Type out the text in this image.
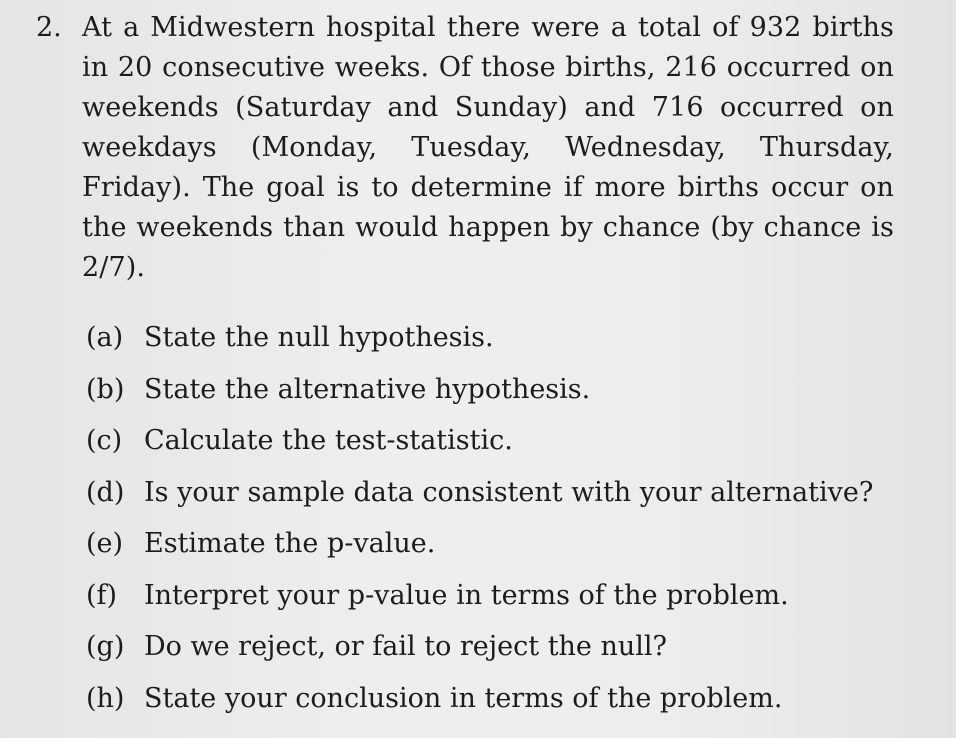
2. At a Midwestern hospital there were a total of 932 births in 20 consecutive weeks. Of those births, 216 occurred on weekends (Saturday and Sunday) and 716 occurred on weekdays (Monday, Tuesday, Wednesday, Thursday, Friday). The goal is to determine if more births occur on the weekends than would happen by chance (by chance is 2/7).

(a) State the null hypothesis.
(b) State the alternative hypothesis.
(c) Calculate the test-statistic.
(d) Is your sample data consistent with your alternative?
(e) Estimate the p-value.
(f) Interpret your p-value in terms of the problem.
(g) Do we reject, or fail to reject the null?
(h) State your conclusion in terms of the problem.
